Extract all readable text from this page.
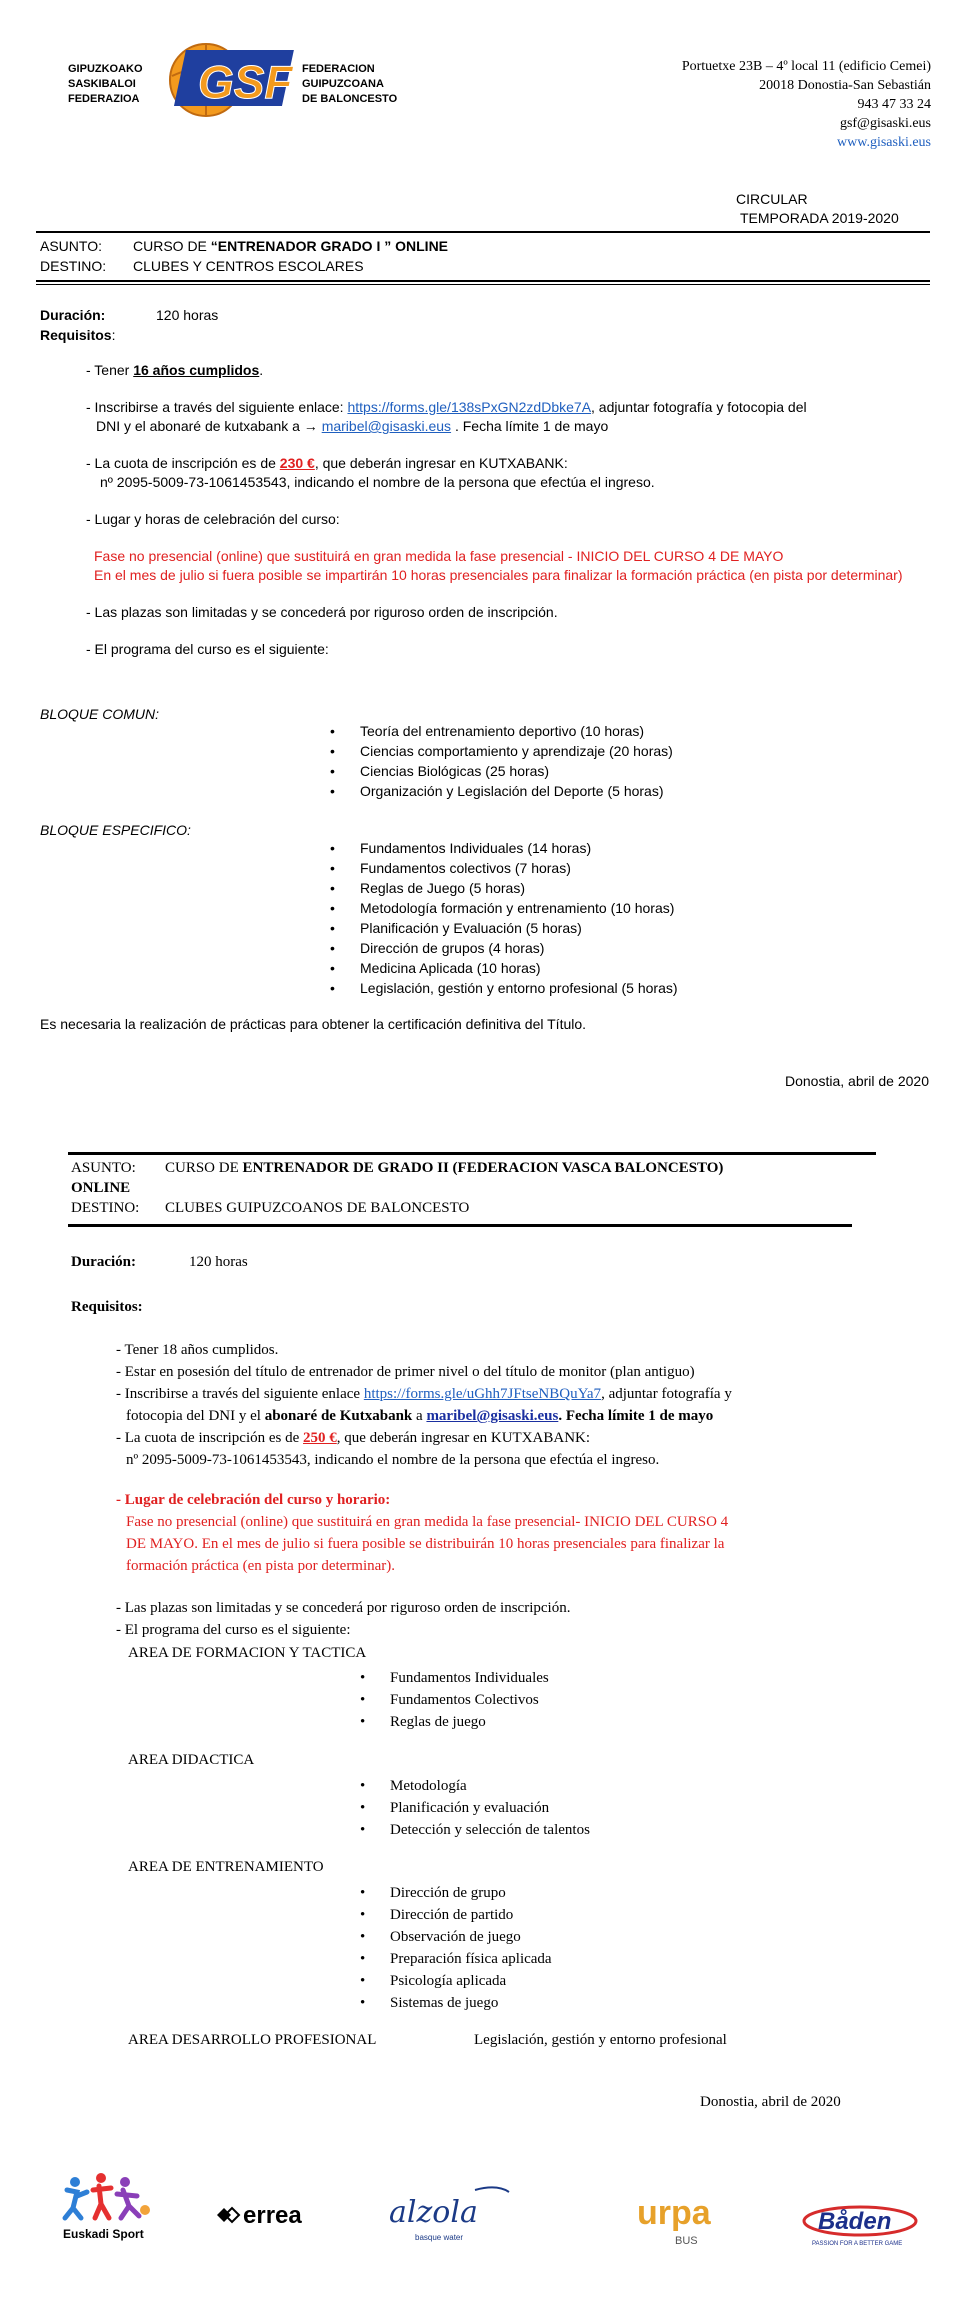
GIPUZKOAKO
SASKIBALOI
FEDERAZIOA GSF FEDERACION
GUIPUZCOANA
DE BALONCESTO
Portuetxe 23B – 4º local 11 (edificio Cemei)
20018 Donostia-San Sebastián
943 47 33 24
gsf@gisaski.eus
www.gisaski.eus
CIRCULAR
TEMPORADA 2019-2020
ASUNTO: CURSO DE “ENTRENADOR GRADO I ” ONLINE
DESTINO: CLUBES Y CENTROS ESCOLARES
Duración:	120 horas
Requisitos:
- Tener 16 años cumplidos.
- Inscribirse a través del siguiente enlace: https://forms.gle/138sPxGN2zdDbke7A, adjuntar fotografía y fotocopia del
DNI y el abonaré de kutxabank a → maribel@gisaski.eus . Fecha límite 1 de mayo
- La cuota de inscripción es de 230 €, que deberán ingresar en KUTXABANK:
nº 2095-5009-73-1061453543, indicando el nombre de la persona que efectúa el ingreso.
- Lugar y horas de celebración del curso:
Fase no presencial (online) que sustituirá en gran medida la fase presencial - INICIO DEL CURSO 4 DE MAYO
En el mes de julio si fuera posible se impartirán 10 horas presenciales para finalizar la formación práctica (en pista por determinar)
- Las plazas son limitadas y se concederá por riguroso orden de inscripción.
- El programa del curso es el siguiente:
BLOQUE COMUN:
• Teoría del entrenamiento deportivo (10 horas)
• Ciencias comportamiento y aprendizaje (20 horas)
• Ciencias Biológicas (25 horas)
• Organización y Legislación del Deporte (5 horas)
BLOQUE ESPECIFICO:
• Fundamentos Individuales (14 horas)
• Fundamentos colectivos (7 horas)
• Reglas de Juego (5 horas)
• Metodología formación y entrenamiento (10 horas)
• Planificación y Evaluación (5 horas)
• Dirección de grupos (4 horas)
• Medicina Aplicada (10 horas)
• Legislación, gestión y entorno profesional (5 horas)
Es necesaria la realización de prácticas para obtener la certificación definitiva del Título.
Donostia, abril de 2020
ASUNTO: CURSO DE ENTRENADOR DE GRADO II (FEDERACION VASCA BALONCESTO)
ONLINE
DESTINO: CLUBES GUIPUZCOANOS DE BALONCESTO
Duración:	120 horas
Requisitos:
- Tener 18 años cumplidos.
- Estar en posesión del título de entrenador de primer nivel o del título de monitor (plan antiguo)
- Inscribirse a través del siguiente enlace https://forms.gle/uGhh7JFtseNBQuYa7, adjuntar fotografía y
fotocopia del DNI y el abonaré de Kutxabank a maribel@gisaski.eus. Fecha límite 1 de mayo
- La cuota de inscripción es de 250 €, que deberán ingresar en KUTXABANK:
nº 2095-5009-73-1061453543, indicando el nombre de la persona que efectúa el ingreso.
- Lugar de celebración del curso y horario:
Fase no presencial (online) que sustituirá en gran medida la fase presencial- INICIO DEL CURSO 4
DE MAYO. En el mes de julio si fuera posible se distribuirán 10 horas presenciales para finalizar la
formación práctica (en pista por determinar).
- Las plazas son limitadas y se concederá por riguroso orden de inscripción.
- El programa del curso es el siguiente:
AREA DE FORMACION Y TACTICA
• Fundamentos Individuales
• Fundamentos Colectivos
• Reglas de juego
AREA DIDACTICA
• Metodología
• Planificación y evaluación
• Detección y selección de talentos
AREA DE ENTRENAMIENTO
• Dirección de grupo
• Dirección de partido
• Observación de juego
• Preparación física aplicada
• Psicología aplicada
• Sistemas de juego
AREA DESARROLLO PROFESIONAL	Legislación, gestión y entorno profesional
Donostia, abril de 2020
Euskadi Sport
errea	alzola
basque water
urpa
BUS
Båden
PASSION FOR A BETTER GAME
